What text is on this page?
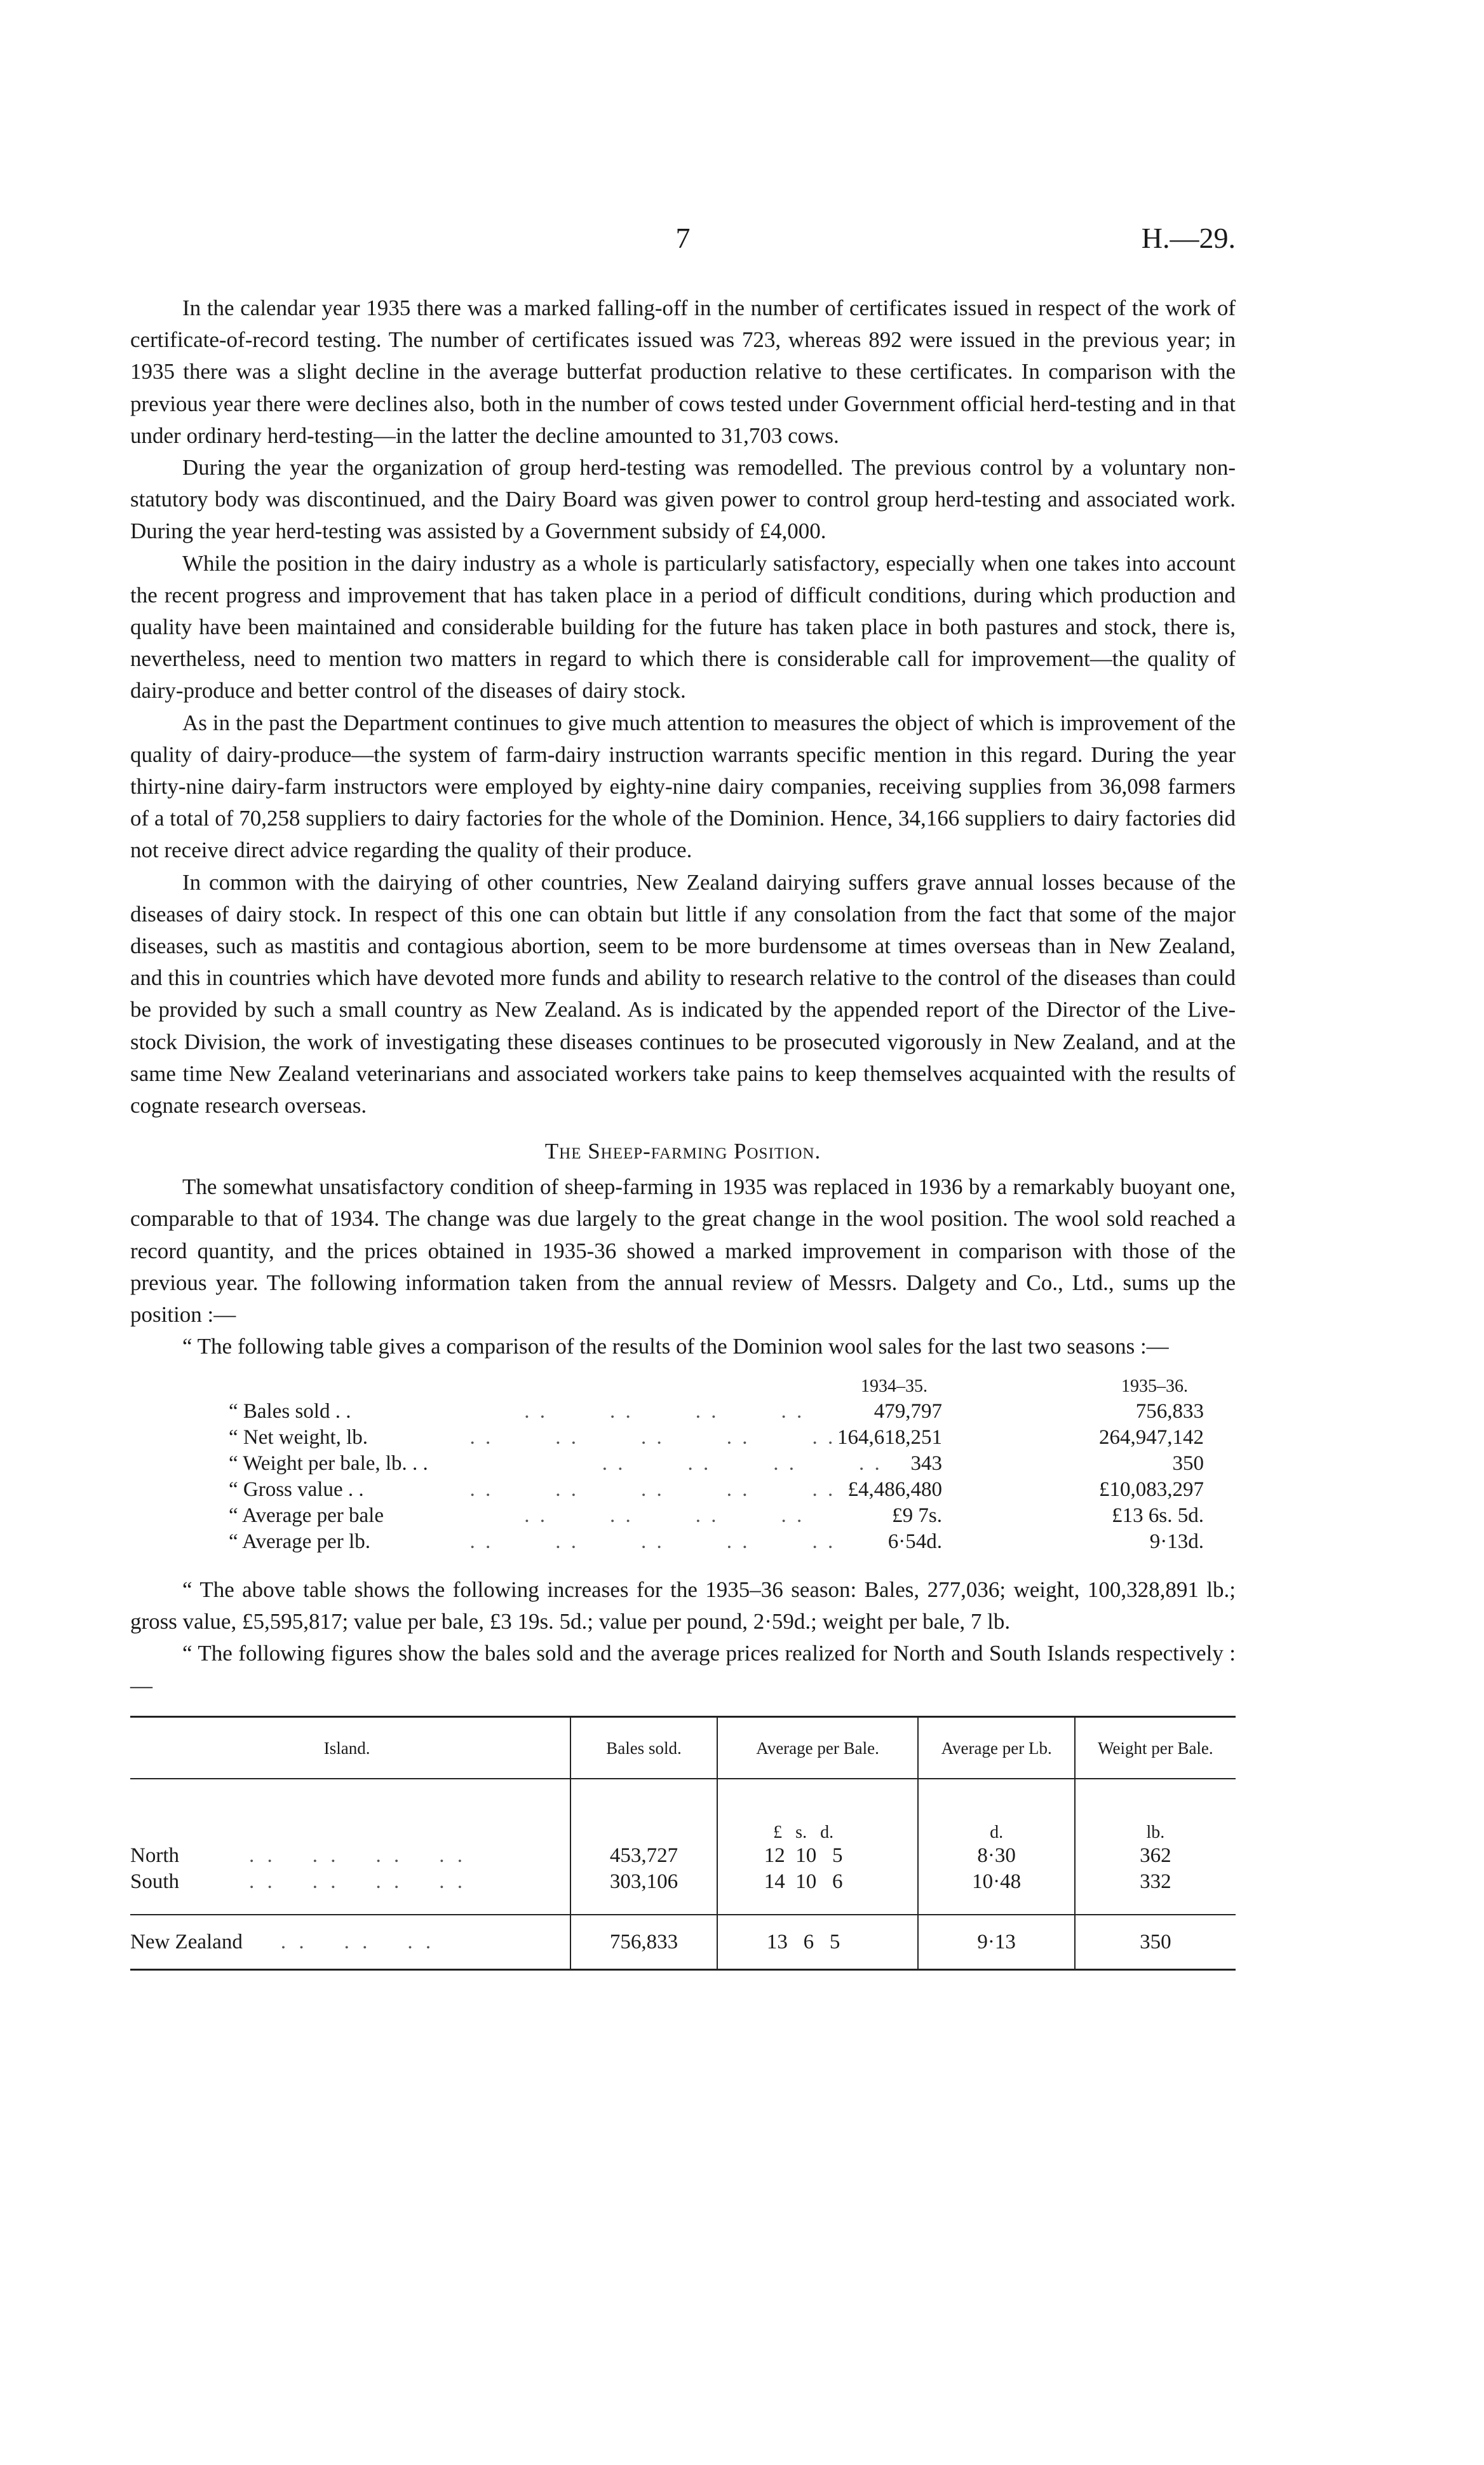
7	H.—29.

In the calendar year 1935 there was a marked falling-off in the number of certificates issued in respect of the work of certificate-of-record testing. The number of certificates issued was 723, whereas 892 were issued in the previous year; in 1935 there was a slight decline in the average butterfat production relative to these certificates. In comparison with the previous year there were declines also, both in the number of cows tested under Government official herd-testing and in that under ordinary herd-testing—in the latter the decline amounted to 31,703 cows.

During the year the organization of group herd-testing was remodelled. The previous control by a voluntary non-statutory body was discontinued, and the Dairy Board was given power to control group herd-testing and associated work. During the year herd-testing was assisted by a Government subsidy of £4,000.

While the position in the dairy industry as a whole is particularly satisfactory, especially when one takes into account the recent progress and improvement that has taken place in a period of difficult conditions, during which production and quality have been maintained and considerable building for the future has taken place in both pastures and stock, there is, nevertheless, need to mention two matters in regard to which there is considerable call for improvement—the quality of dairy-produce and better control of the diseases of dairy stock.

As in the past the Department continues to give much attention to measures the object of which is improvement of the quality of dairy-produce—the system of farm-dairy instruction warrants specific mention in this regard. During the year thirty-nine dairy-farm instructors were employed by eighty-nine dairy companies, receiving supplies from 36,098 farmers of a total of 70,258 suppliers to dairy factories for the whole of the Dominion. Hence, 34,166 suppliers to dairy factories did not receive direct advice regarding the quality of their produce.

In common with the dairying of other countries, New Zealand dairying suffers grave annual losses because of the diseases of dairy stock. In respect of this one can obtain but little if any consolation from the fact that some of the major diseases, such as mastitis and contagious abortion, seem to be more burdensome at times overseas than in New Zealand, and this in countries which have devoted more funds and ability to research relative to the control of the diseases than could be provided by such a small country as New Zealand. As is indicated by the appended report of the Director of the Live-stock Division, the work of investigating these diseases continues to be prosecuted vigorously in New Zealand, and at the same time New Zealand veterinarians and associated workers take pains to keep themselves acquainted with the results of cognate research overseas.

The Sheep-farming Position.

The somewhat unsatisfactory condition of sheep-farming in 1935 was replaced in 1936 by a remarkably buoyant one, comparable to that of 1934. The change was due largely to the great change in the wool position. The wool sold reached a record quantity, and the prices obtained in 1935-36 showed a marked improvement in comparison with those of the previous year. The following information taken from the annual review of Messrs. Dalgety and Co., Ltd., sums up the position :—

“ The following table gives a comparison of the results of the Dominion wool sales for the last two seasons :—

1934–35.	1935–36.
“ Bales sold . .	. .        . .        . .        . .	479,797	756,833
“ Net weight, lb.	. .        . .        . .        . .        . . 164,618,251	264,947,142
“ Weight per bale, lb. . . . .        . .        . .        . .	343	350
“ Gross value . .	. .        . .        . .        . .        . . £4,486,480	£10,083,297
“ Average per bale	. .        . .        . .        . .	£9 7s.	£13 6s. 5d.
“ Average per lb.	. .        . .        . .        . .        . .	6·54d.	9·13d.

“ The above table shows the following increases for the 1935–36 season: Bales, 277,036; weight, 100,328,891 lb.; gross value, £5,595,817; value per bale, £3 19s. 5d.; value per pound, 2·59d.; weight per bale, 7 lb.

“ The following figures show the bales sold and the average prices realized for North and South Islands respectively :—

Island.	Bales sold.	Average per Bale.	Average per Lb.	Weight per Bale.
		£   s.   d.	d.	lb.
North . .    . .    . .    . .	453,727	12  10   5	8·30	362
South . .    . .    . .    . .	303,106	14  10   6	10·48	332

New Zealand . .    . .    . .	756,833	13   6   5	9·13	350
